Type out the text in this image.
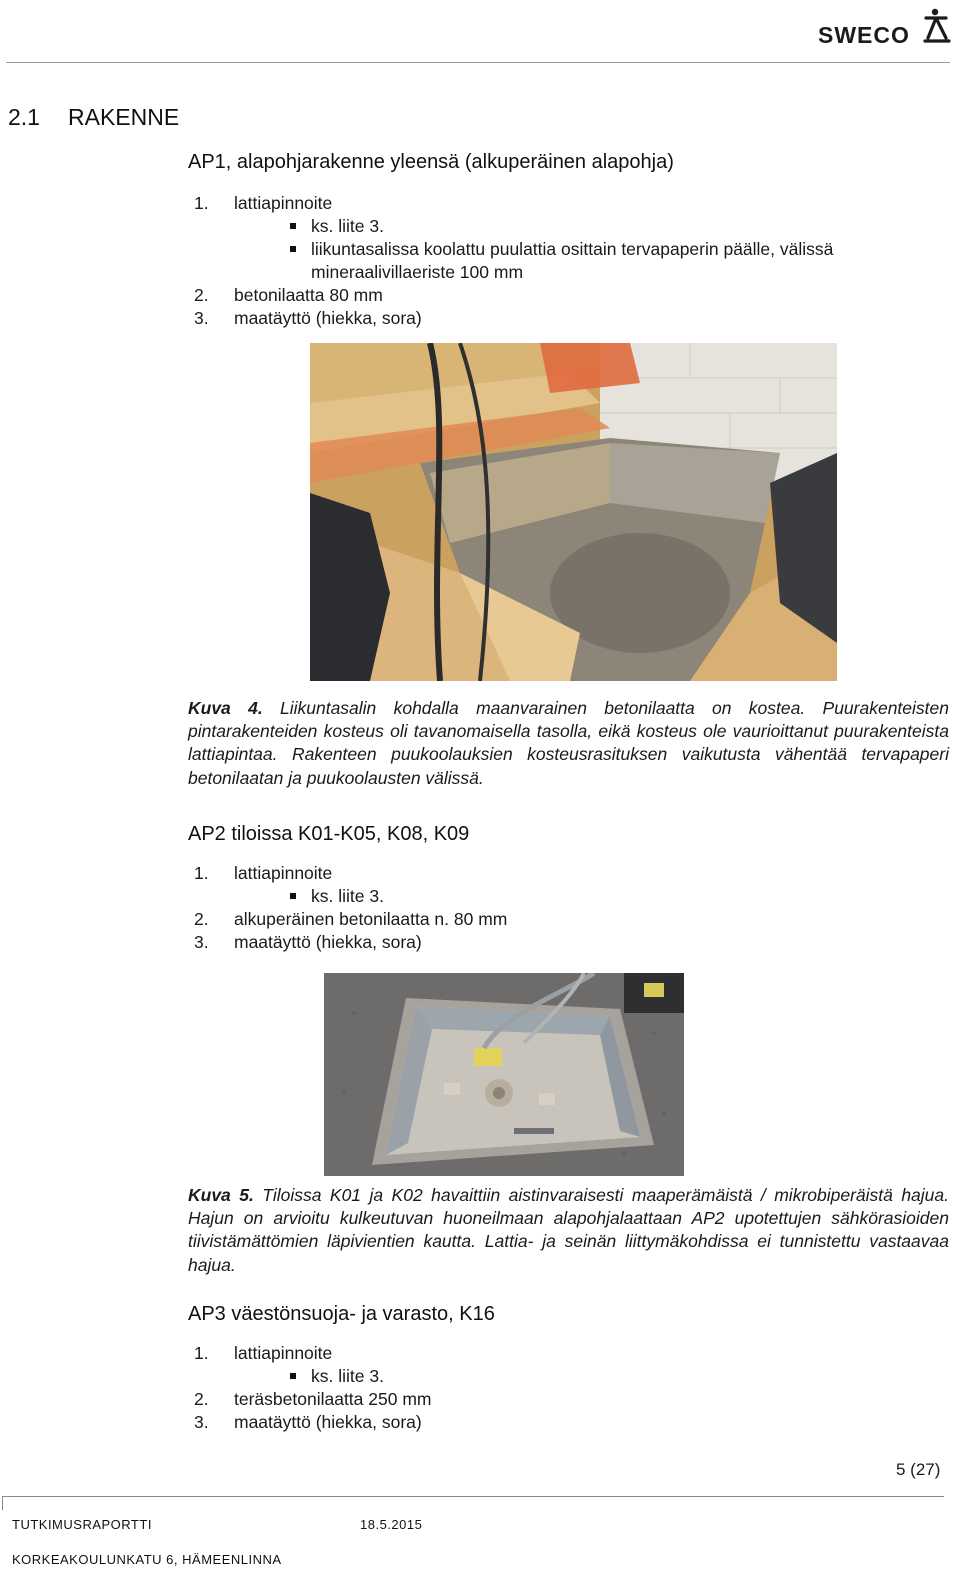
SWECO
2.1 RAKENNE
AP1, alapohjarakenne yleensä (alkuperäinen alapohja)
1.	lattiapinnoite
ks. liite 3.
liikuntasalissa koolattu puulattia osittain tervapaperin päälle, välissä
mineraalivillaeriste 100 mm
2.	betonilaatta 80 mm
3.	maatäyttö (hiekka, sora)

Kuva 4. Liikuntasalin kohdalla maanvarainen betonilaatta on kostea. Puurakenteisten pintarakenteiden kosteus oli tavanomaisella tasolla, eikä kosteus ole vaurioittanut puurakenteista lattiapintaa. Rakenteen puukoolauksien kosteusrasituksen vaikutusta vähentää tervapaperi betonilaatan ja puukoolausten välissä.

AP2 tiloissa K01-K05, K08, K09
1.	lattiapinnoite
ks. liite 3.
2.	alkuperäinen betonilaatta n. 80 mm
3.	maatäyttö (hiekka, sora)

Kuva 5. Tiloissa K01 ja K02 havaittiin aistinvaraisesti maaperämäistä / mikrobiperäistä hajua. Hajun on arvioitu kulkeutuvan huoneilmaan alapohjalaattaan AP2 upotettujen sähkörasioiden tiivistämättömien läpivientien kautta. Lattia- ja seinän liittymäkohdissa ei tunnistettu vastaavaa hajua.

AP3 väestönsuoja- ja varasto, K16
1.	lattiapinnoite
ks. liite 3.
2.	teräsbetonilaatta 250 mm
3.	maatäyttö (hiekka, sora)
5 (27)
TUTKIMUSRAPORTTI	18.5.2015
KORKEAKOULUNKATU 6, HÄMEENLINNA
